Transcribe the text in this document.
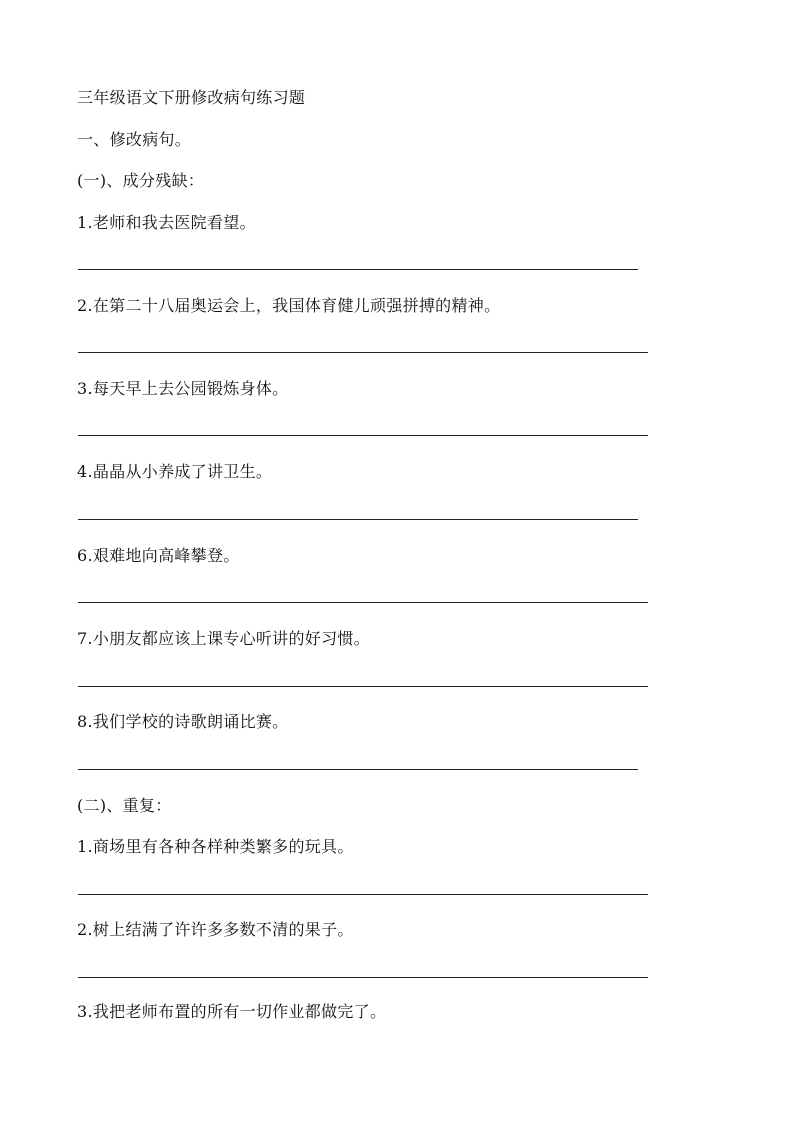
三年级语文下册修改病句练习题
一、修改病句。
(一)、成分残缺：
1.老师和我去医院看望。
2.在第二十八届奥运会上，我国体育健儿顽强拼搏的精神。
3.每天早上去公园锻炼身体。
4.晶晶从小养成了讲卫生。
6.艰难地向高峰攀登。
7.小朋友都应该上课专心听讲的好习惯。
8.我们学校的诗歌朗诵比赛。
(二)、重复：
1.商场里有各种各样种类繁多的玩具。
2.树上结满了许许多多数不清的果子。
3.我把老师布置的所有一切作业都做完了。
